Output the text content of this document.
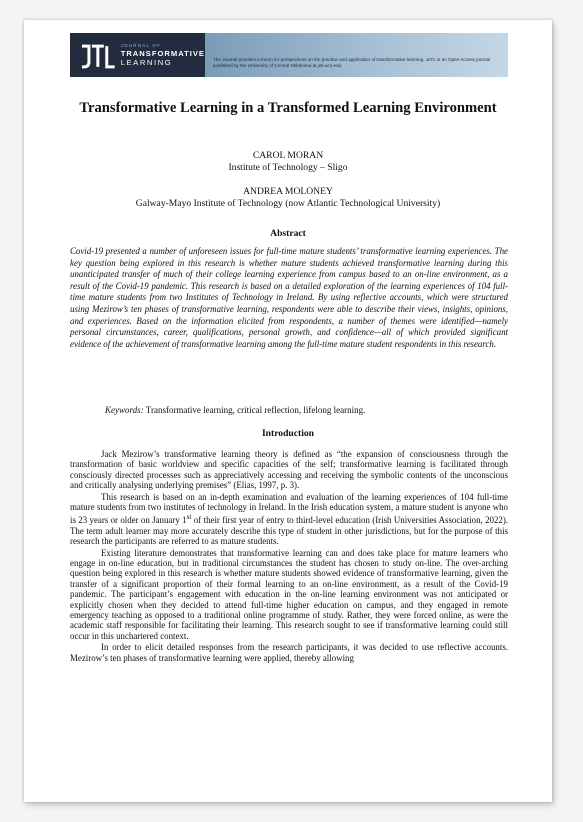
JOURNAL OF
TRANSFORMATIVE
LEARNING	The Journal provides a forum for perspectives on the practice and application of transformative learning. JoTL is an Open Access journal published by the University of Central Oklahoma at jotl.uco.edu.

Transformative Learning in a Transformed Learning Environment
CAROL MORAN
Institute of Technology – Sligo
ANDREA MOLONEY
Galway-Mayo Institute of Technology (now Atlantic Technological University)
Abstract

Covid-19 presented a number of unforeseen issues for full-time mature students’ transformative learning experiences. The key question being explored in this research is whether mature students achieved transformative learning during this unanticipated transfer of much of their college learning experience from campus based to an on-line environment, as a result of the Covid-19 pandemic. This research is based on a detailed exploration of the learning experiences of 104 full-time mature students from two Institutes of Technology in Ireland. By using reflective accounts, which were structured using Mezirow’s ten phases of transformative learning, respondents were able to describe their views, insights, opinions, and experiences. Based on the information elicited from respondents, a number of themes were identified—namely personal circumstances, career, qualifications, personal growth, and confidence—all of which provided significant evidence of the achievement of transformative learning among the full-time mature student respondents in this research.

Keywords: Transformative learning, critical reflection, lifelong learning.

Introduction

Jack Mezirow’s transformative learning theory is defined as “the expansion of consciousness through the transformation of basic worldview and specific capacities of the self; transformative learning is facilitated through consciously directed processes such as appreciatively accessing and receiving the symbolic contents of the unconscious and critically analysing underlying premises” (Elias, 1997, p. 3).

This research is based on an in-depth examination and evaluation of the learning experiences of 104 full-time mature students from two institutes of technology in Ireland. In the Irish education system, a mature student is anyone who is 23 years or older on January 1st of their first year of entry to third-level education (Irish Universities Association, 2022). The term adult learner may more accurately describe this type of student in other jurisdictions, but for the purpose of this research the participants are referred to as mature students.

Existing literature demonstrates that transformative learning can and does take place for mature learners who engage in on-line education, but in traditional circumstances the student has chosen to study on-line. The over-arching question being explored in this research is whether mature students showed evidence of transformative learning, given the transfer of a significant proportion of their formal learning to an on-line environment, as a result of the Covid-19 pandemic. The participant’s engagement with education in the on-line learning environment was not anticipated or explicitly chosen when they decided to attend full-time higher education on campus, and they engaged in remote emergency teaching as opposed to a traditional online programme of study. Rather, they were forced online, as were the academic staff responsible for facilitating their learning. This research sought to see if transformative learning could still occur in this unchartered context.

In order to elicit detailed responses from the research participants, it was decided to use reflective accounts. Mezirow’s ten phases of transformative learning were applied, thereby allowing
